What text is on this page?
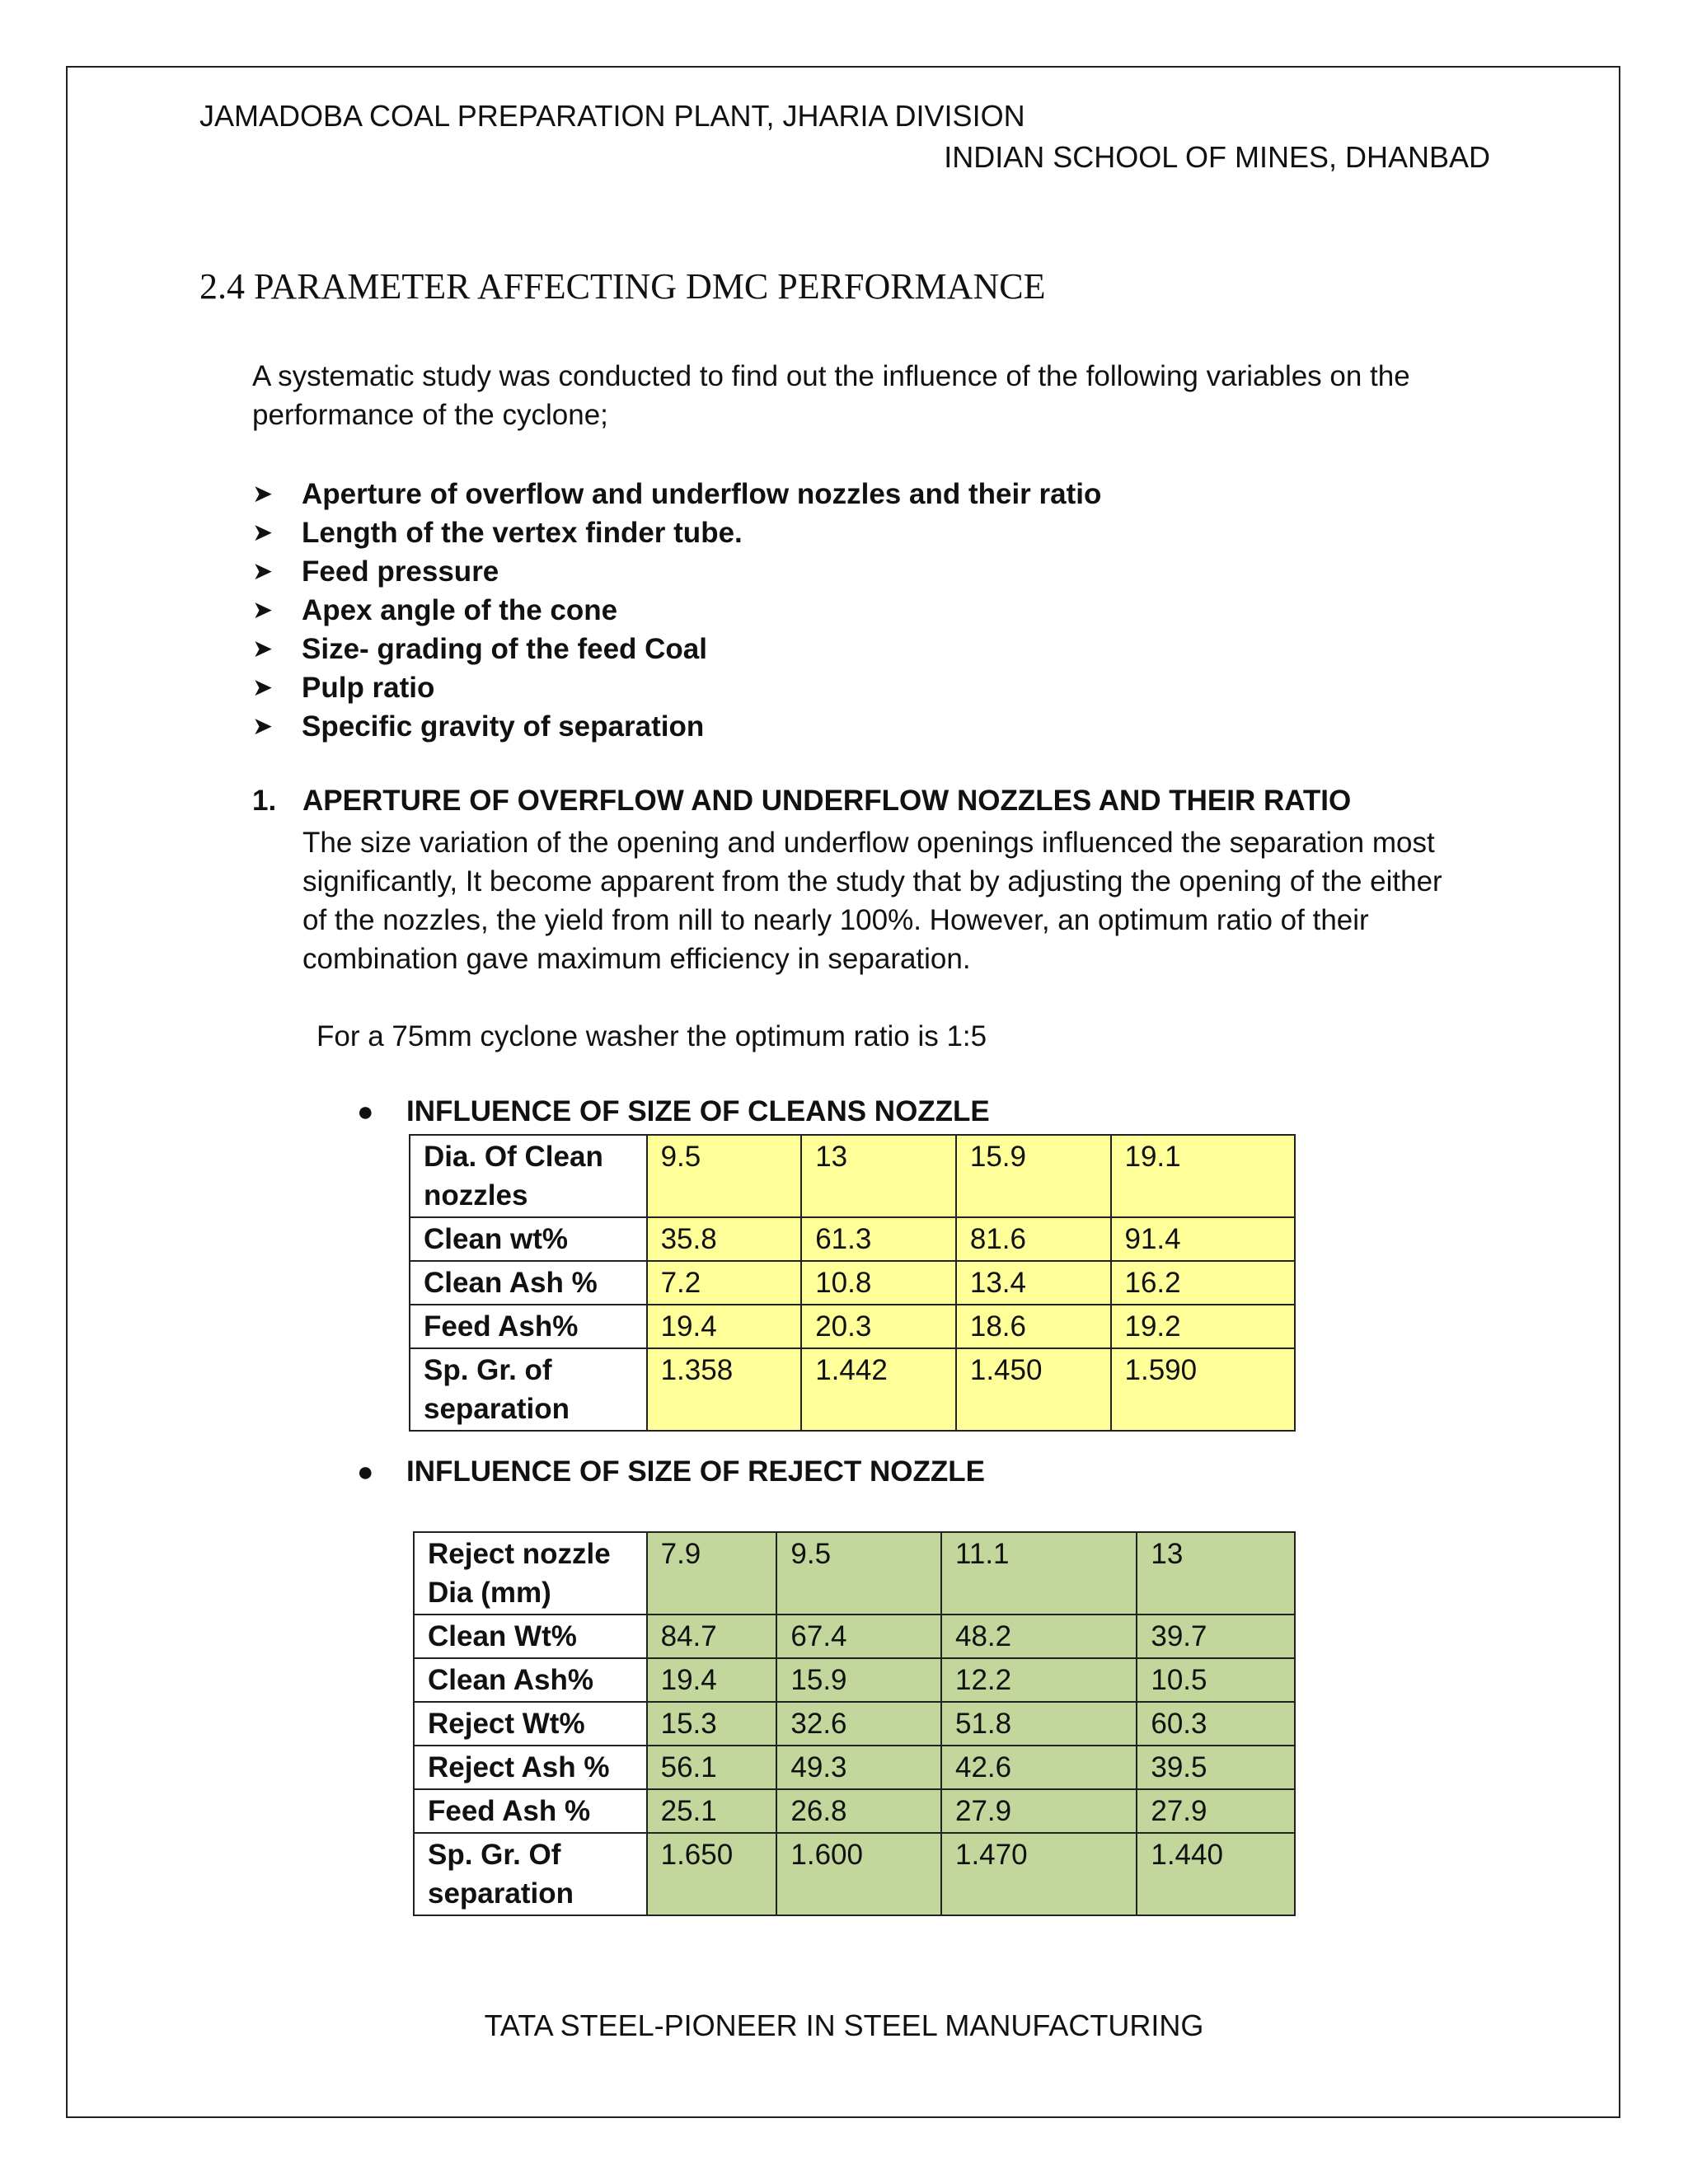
JAMADOBA COAL PREPARATION PLANT, JHARIA DIVISION
INDIAN SCHOOL OF MINES, DHANBAD
2.4 PARAMETER AFFECTING DMC PERFORMANCE
A systematic study was conducted to find out the influence of the following variables on the
performance of the cyclone;
➤ Aperture of overflow and underflow nozzles and their ratio
➤ Length of the vertex finder tube.
➤ Feed pressure
➤ Apex angle of the cone
➤ Size- grading of the feed Coal
➤ Pulp ratio
➤ Specific gravity of separation
1. APERTURE OF OVERFLOW AND UNDERFLOW NOZZLES AND THEIR RATIO
The size variation of the opening and underflow openings influenced the separation most
significantly, It become apparent from the study that by adjusting the opening of the either
of the nozzles, the yield from nill to nearly 100%. However, an optimum ratio of their
combination gave maximum efficiency in separation.
For a 75mm cyclone washer the optimum ratio is 1:5
●	INFLUENCE OF SIZE OF CLEANS NOZZLE
Dia. Of Clean nozzles	9.5	13	15.9	19.1
Clean wt%	35.8	61.3	81.6	91.4
Clean Ash %	7.2	10.8	13.4	16.2
Feed Ash%	19.4	20.3	18.6	19.2
Sp. Gr. of separation	1.358	1.442	1.450	1.590
●	INFLUENCE OF SIZE OF REJECT NOZZLE
Reject nozzle Dia (mm)	7.9	9.5	11.1	13
Clean Wt%	84.7	67.4	48.2	39.7
Clean Ash%	19.4	15.9	12.2	10.5
Reject Wt%	15.3	32.6	51.8	60.3
Reject Ash %	56.1	49.3	42.6	39.5
Feed Ash %	25.1	26.8	27.9	27.9
Sp. Gr. Of separation	1.650	1.600	1.470	1.440
TATA STEEL-PIONEER IN STEEL MANUFACTURING
